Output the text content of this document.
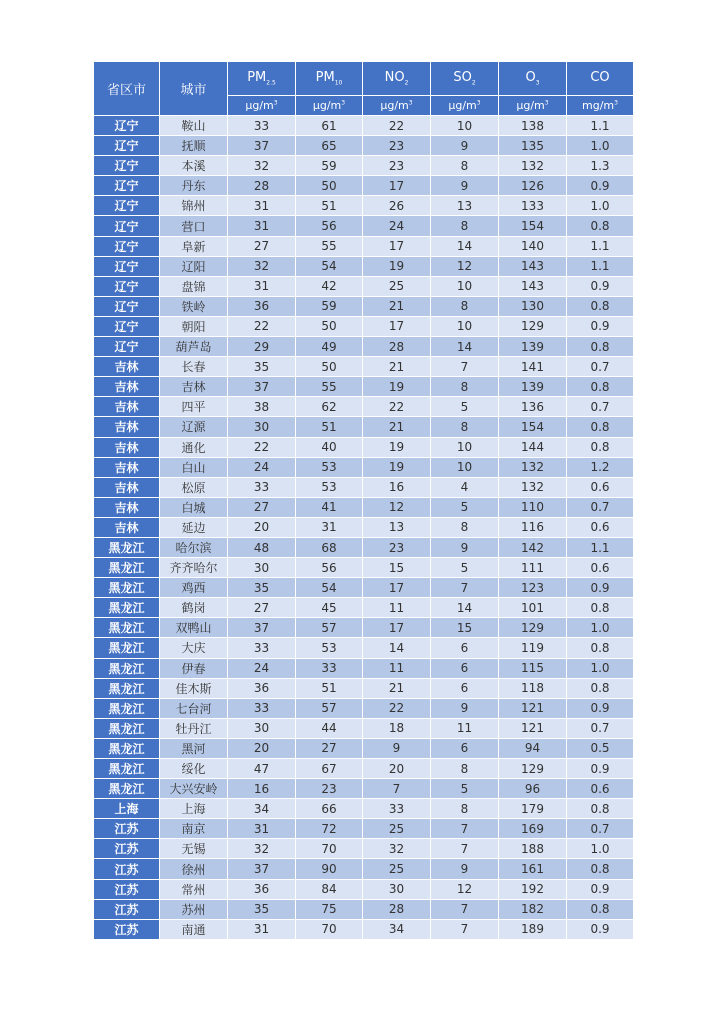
省区市	城市	$PM_{2.5}$	$PM_{10}$	$NO_2$	$SO_2$	$O_3$	CO
		$\mu g/m^3$	$\mu g/m^3$	$\mu g/m^3$	$\mu g/m^3$	$\mu g/m^3$	$mg/m^3$
辽宁	鞍山	33	61	22	10	138	1.1
辽宁	抚顺	37	65	23	9	135	1.0
辽宁	本溪	32	59	23	8	132	1.3
辽宁	丹东	28	50	17	9	126	0.9
辽宁	锦州	31	51	26	13	133	1.0
辽宁	营口	31	56	24	8	154	0.8
辽宁	阜新	27	55	17	14	140	1.1
辽宁	辽阳	32	54	19	12	143	1.1
辽宁	盘锦	31	42	25	10	143	0.9
辽宁	铁岭	36	59	21	8	130	0.8
辽宁	朝阳	22	50	17	10	129	0.9
辽宁	葫芦岛	29	49	28	14	139	0.8
吉林	长春	35	50	21	7	141	0.7
吉林	吉林	37	55	19	8	139	0.8
吉林	四平	38	62	22	5	136	0.7
吉林	辽源	30	51	21	8	154	0.8
吉林	通化	22	40	19	10	144	0.8
吉林	白山	24	53	19	10	132	1.2
吉林	松原	33	53	16	4	132	0.6
吉林	白城	27	41	12	5	110	0.7
吉林	延边	20	31	13	8	116	0.6
黑龙江	哈尔滨	48	68	23	9	142	1.1
黑龙江	齐齐哈尔	30	56	15	5	111	0.6
黑龙江	鸡西	35	54	17	7	123	0.9
黑龙江	鹤岗	27	45	11	14	101	0.8
黑龙江	双鸭山	37	57	17	15	129	1.0
黑龙江	大庆	33	53	14	6	119	0.8
黑龙江	伊春	24	33	11	6	115	1.0
黑龙江	佳木斯	36	51	21	6	118	0.8
黑龙江	七台河	33	57	22	9	121	0.9
黑龙江	牡丹江	30	44	18	11	121	0.7
黑龙江	黑河	20	27	9	6	94	0.5
黑龙江	绥化	47	67	20	8	129	0.9
黑龙江	大兴安岭	16	23	7	5	96	0.6
上海	上海	34	66	33	8	179	0.8
江苏	南京	31	72	25	7	169	0.7
江苏	无锡	32	70	32	7	188	1.0
江苏	徐州	37	90	25	9	161	0.8
江苏	常州	36	84	30	12	192	0.9
江苏	苏州	35	75	28	7	182	0.8
江苏	南通	31	70	34	7	189	0.9
